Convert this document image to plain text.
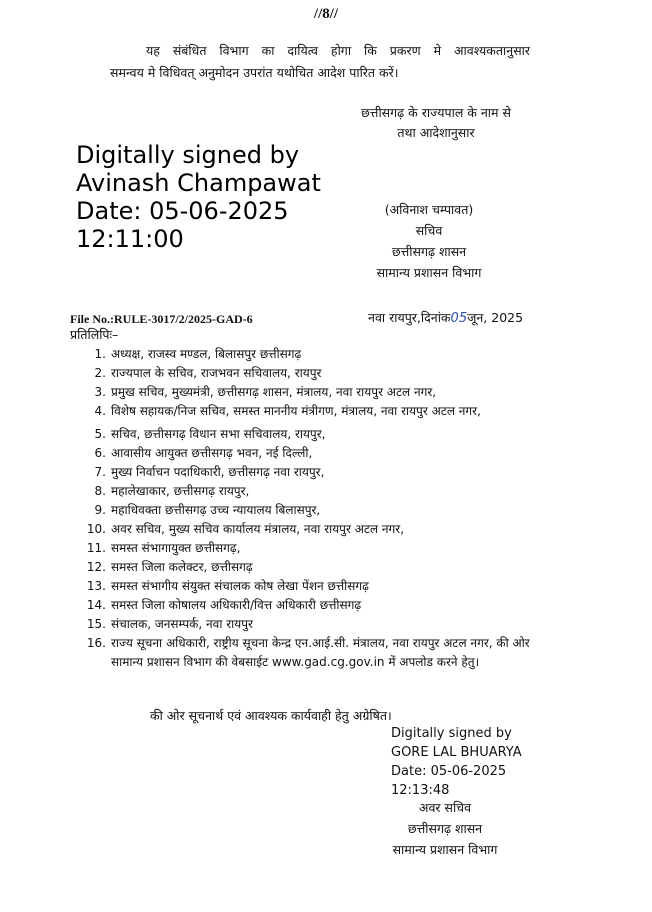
//8//
यह संबंधित विभाग का दायित्व होगा कि प्रकरण मे आवश्यकतानुसार
समन्वय मे विधिवत् अनुमोदन उपरांत यथोचित आदेश पारित करें।
छत्तीसगढ़ के राज्यपाल के नाम से
तथा आदेशानुसार
Digitally signed by
Avinash Champawat
Date: 05-06-2025
12:11:00
(अविनाश चम्पावत)
सचिव
छत्तीसगढ़ शासन
सामान्य प्रशासन विभाग
File No.:RULE-3017/2/2025-GAD-6	नवा रायपुर,दिनांक05जून, 2025
प्रतिलिपिः–
1. अध्यक्ष, राजस्व मण्डल, बिलासपुर छत्तीसगढ़
2. राज्यपाल के सचिव, राजभवन सचिवालय, रायपुर
3. प्रमुख सचिव, मुख्यमंत्री, छत्तीसगढ़ शासन, मंत्रालय, नवा रायपुर अटल नगर,
4. विशेष सहायक/निज सचिव, समस्त माननीय मंत्रीगण, मंत्रालय, नवा रायपुर अटल नगर,
5. सचिव, छत्तीसगढ़ विधान सभा सचिवालय, रायपुर,
6. आवासीय आयुक्त छत्तीसगढ़ भवन, नई दिल्ली,
7. मुख्य निर्वाचन पदाधिकारी, छत्तीसगढ़ नवा रायपुर,
8. महालेखाकार, छत्तीसगढ़ रायपुर,
9. महाधिवक्ता छत्तीसगढ़ उच्च न्यायालय बिलासपुर,
10. अवर सचिव, मुख्य सचिव कार्यालय मंत्रालय, नवा रायपुर अटल नगर,
11. समस्त संभागायुक्त छत्तीसगढ़,
12. समस्त जिला कलेक्टर, छत्तीसगढ़
13. समस्त संभागीय संयुक्त संचालक कोष लेखा पेंशन छत्तीसगढ़
14. समस्त जिला कोषालय अधिकारी/वित्त अधिकारी छत्तीसगढ़
15. संचालक, जनसम्पर्क, नवा रायपुर
16. राज्य सूचना अधिकारी, राष्ट्रीय सूचना केन्द्र एन.आई.सी. मंत्रालय, नवा रायपुर अटल नगर, की ओर सामान्य प्रशासन विभाग की वेबसाईट www.gad.cg.gov.in में अपलोड करने हेतु।
की ओर सूचनार्थ एवं आवश्यक कार्यवाही हेतु अग्रेषित।
Digitally signed by
GORE LAL BHUARYA
Date: 05-06-2025
12:13:48
अवर सचिव
छत्तीसगढ़ शासन
सामान्य प्रशासन विभाग
